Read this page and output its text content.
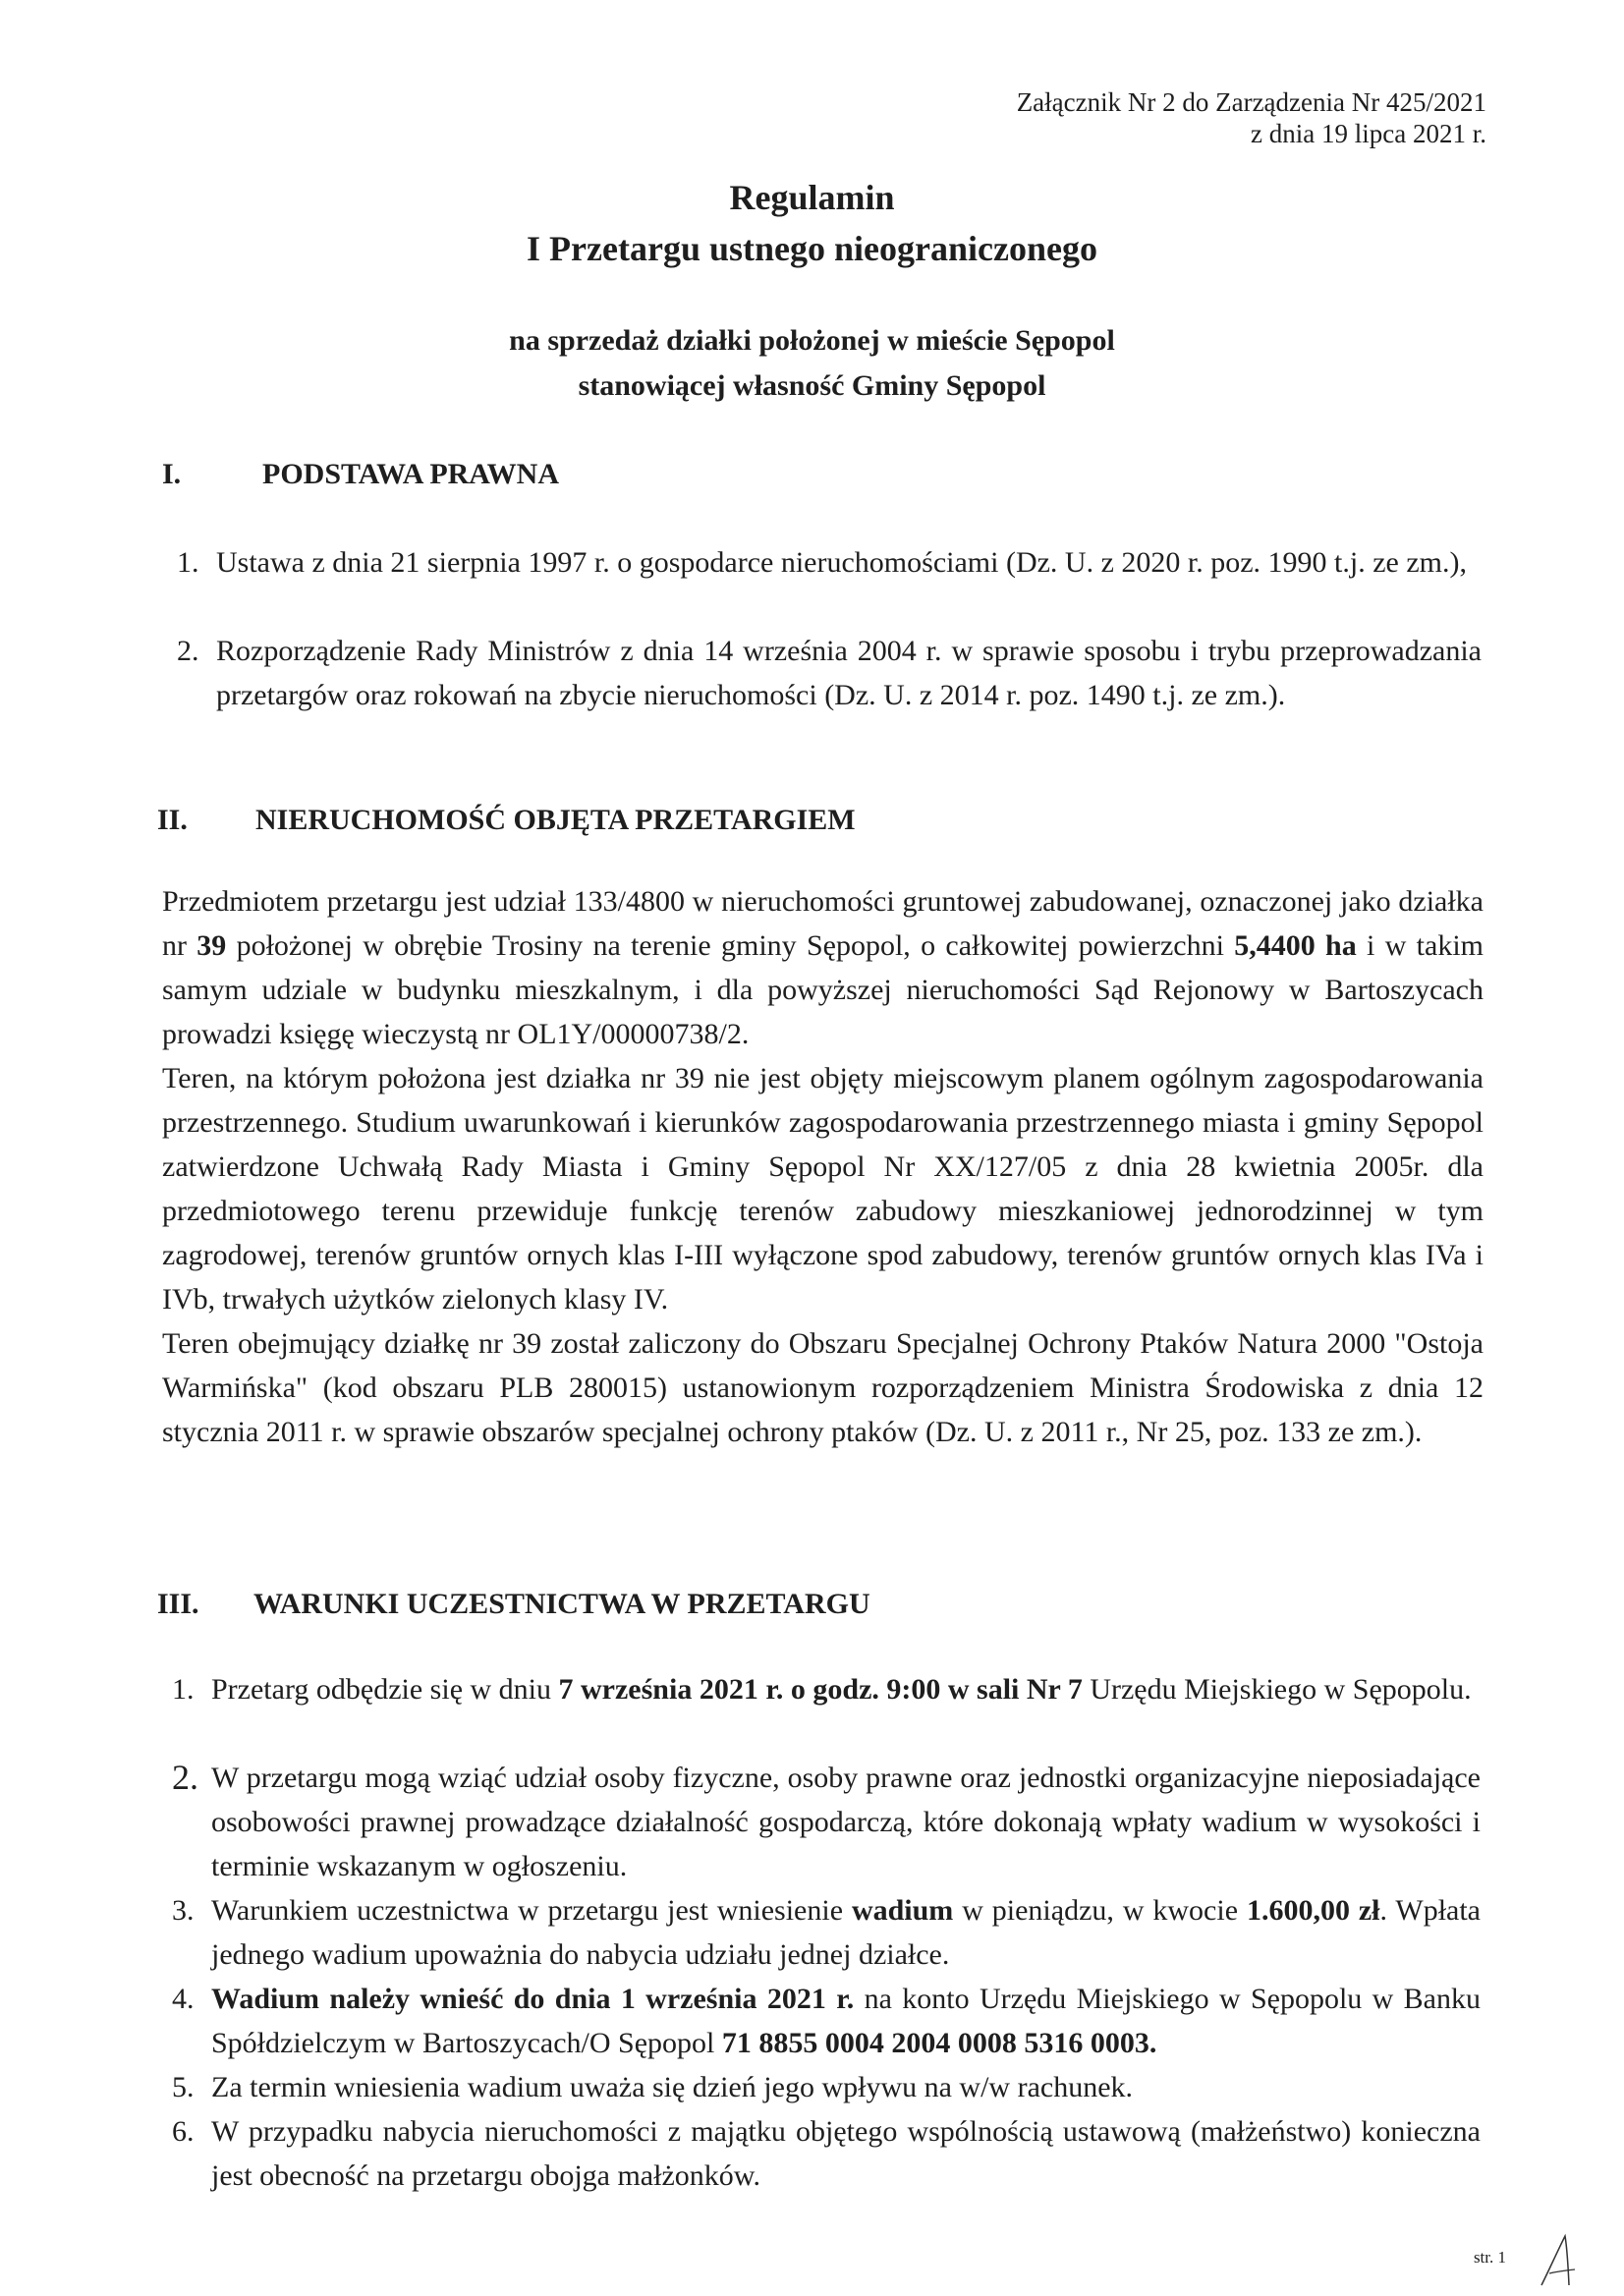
Załącznik Nr 2 do Zarządzenia Nr 425/2021
z dnia 19 lipca 2021 r.
Regulamin
I Przetargu ustnego nieograniczonego
na sprzedaż działki położonej w mieście Sępopol
stanowiącej własność Gminy Sępopol
I.	PODSTAWA PRAWNA
1. Ustawa z dnia 21 sierpnia 1997 r. o gospodarce nieruchomościami (Dz. U. z 2020 r. poz. 1990 t.j. ze zm.),
2. Rozporządzenie Rady Ministrów z dnia 14 września 2004 r. w sprawie sposobu i trybu przeprowadzania przetargów oraz rokowań na zbycie nieruchomości (Dz. U. z 2014 r. poz. 1490 t.j. ze zm.).
II. NIERUCHOMOŚĆ OBJĘTA PRZETARGIEM

Przedmiotem przetargu jest udział 133/4800 w nieruchomości gruntowej zabudowanej, oznaczonej jako działka nr 39 położonej w obrębie Trosiny na terenie gminy Sępopol, o całkowitej powierzchni 5,4400 ha i w takim samym udziale w budynku mieszkalnym, i dla powyższej nieruchomości Sąd Rejonowy w Bartoszycach prowadzi księgę wieczystą nr OL1Y/00000738/2.

Teren, na którym położona jest działka nr 39 nie jest objęty miejscowym planem ogólnym zagospodarowania przestrzennego. Studium uwarunkowań i kierunków zagospodarowania przestrzennego miasta i gminy Sępopol zatwierdzone Uchwałą Rady Miasta i Gminy Sępopol Nr XX/127/05 z dnia 28 kwietnia 2005r. dla przedmiotowego terenu przewiduje funkcję terenów zabudowy mieszkaniowej jednorodzinnej w tym zagrodowej, terenów gruntów ornych klas I-III wyłączone spod zabudowy, terenów gruntów ornych klas IVa i IVb, trwałych użytków zielonych klasy IV.

Teren obejmujący działkę nr 39 został zaliczony do Obszaru Specjalnej Ochrony Ptaków Natura 2000 "Ostoja Warmińska" (kod obszaru PLB 280015) ustanowionym rozporządzeniem Ministra Środowiska z dnia 12 stycznia 2011 r. w sprawie obszarów specjalnej ochrony ptaków (Dz. U. z 2011 r., Nr 25, poz. 133 ze zm.).

III. WARUNKI UCZESTNICTWA W PRZETARGU
1. Przetarg odbędzie się w dniu 7 września 2021 r. o godz. 9:00 w sali Nr 7 Urzędu Miejskiego w Sępopolu.
2. W przetargu mogą wziąć udział osoby fizyczne, osoby prawne oraz jednostki organizacyjne nieposiadające osobowości prawnej prowadzące działalność gospodarczą, które dokonają wpłaty wadium w wysokości i terminie wskazanym w ogłoszeniu.
3. Warunkiem uczestnictwa w przetargu jest wniesienie wadium w pieniądzu, w kwocie 1.600,00 zł. Wpłata jednego wadium upoważnia do nabycia udziału jednej działce.
4. Wadium należy wnieść do dnia 1 września 2021 r. na konto Urzędu Miejskiego w Sępopolu w Banku Spółdzielczym w Bartoszycach/O Sępopol 71 8855 0004 2004 0008 5316 0003.
5. Za termin wniesienia wadium uważa się dzień jego wpływu na w/w rachunek.
6. W przypadku nabycia nieruchomości z majątku objętego wspólnością ustawową (małżeństwo) konieczna jest obecność na przetargu obojga małżonków.
str. 1
